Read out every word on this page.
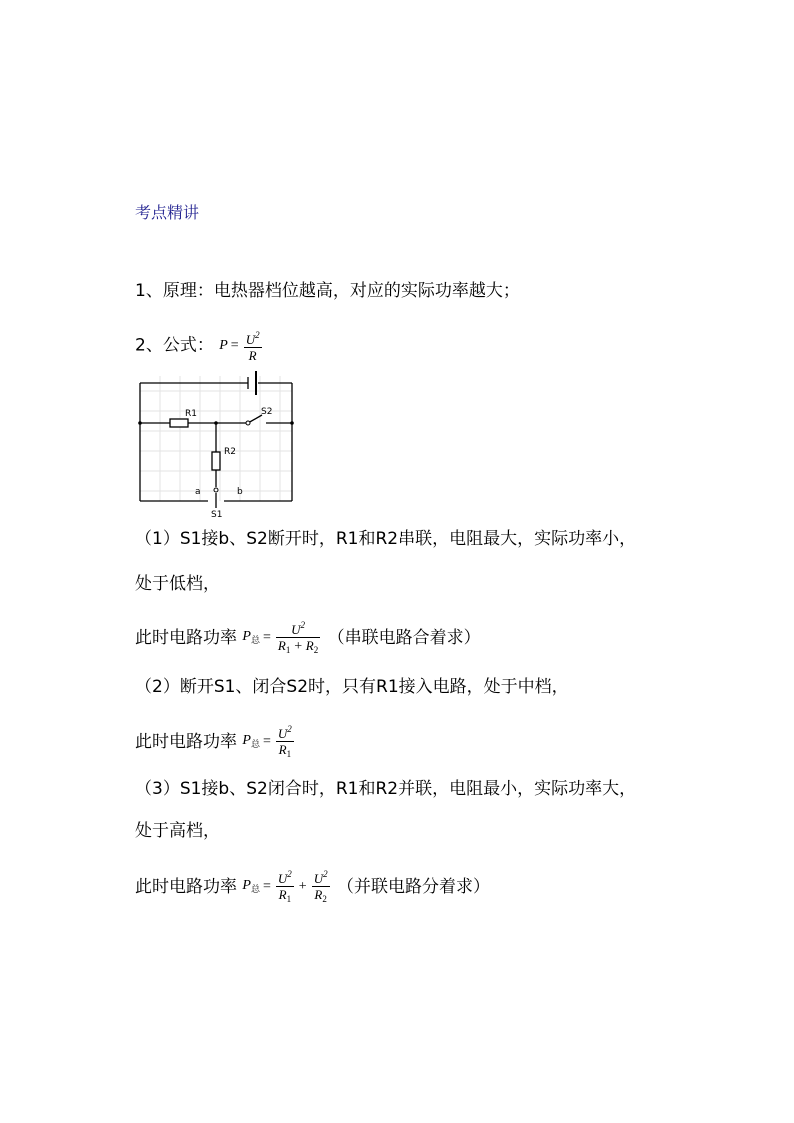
考点精讲
1、原理：电热器档位越高，对应的实际功率越大；
2、公式： $P = \frac{U^2}{R}$
R1	S2
R2
a	b
S1
（1）S1接b、S2断开时，R1和R2串联，电阻最大，实际功率小，
处于低档，
此时电路功率 $P_总 = \frac{U^2}{R_1 + R_2}$ （串联电路合着求）
（2）断开S1、闭合S2时，只有R1接入电路，处于中档，
此时电路功率 $P_总 = \frac{U^2}{R_1}$
（3）S1接b、S2闭合时，R1和R2并联，电阻最小，实际功率大，
处于高档，
此时电路功率 $P_总 = \frac{U^2}{R_1} + \frac{U^2}{R_2}$ （并联电路分着求）
